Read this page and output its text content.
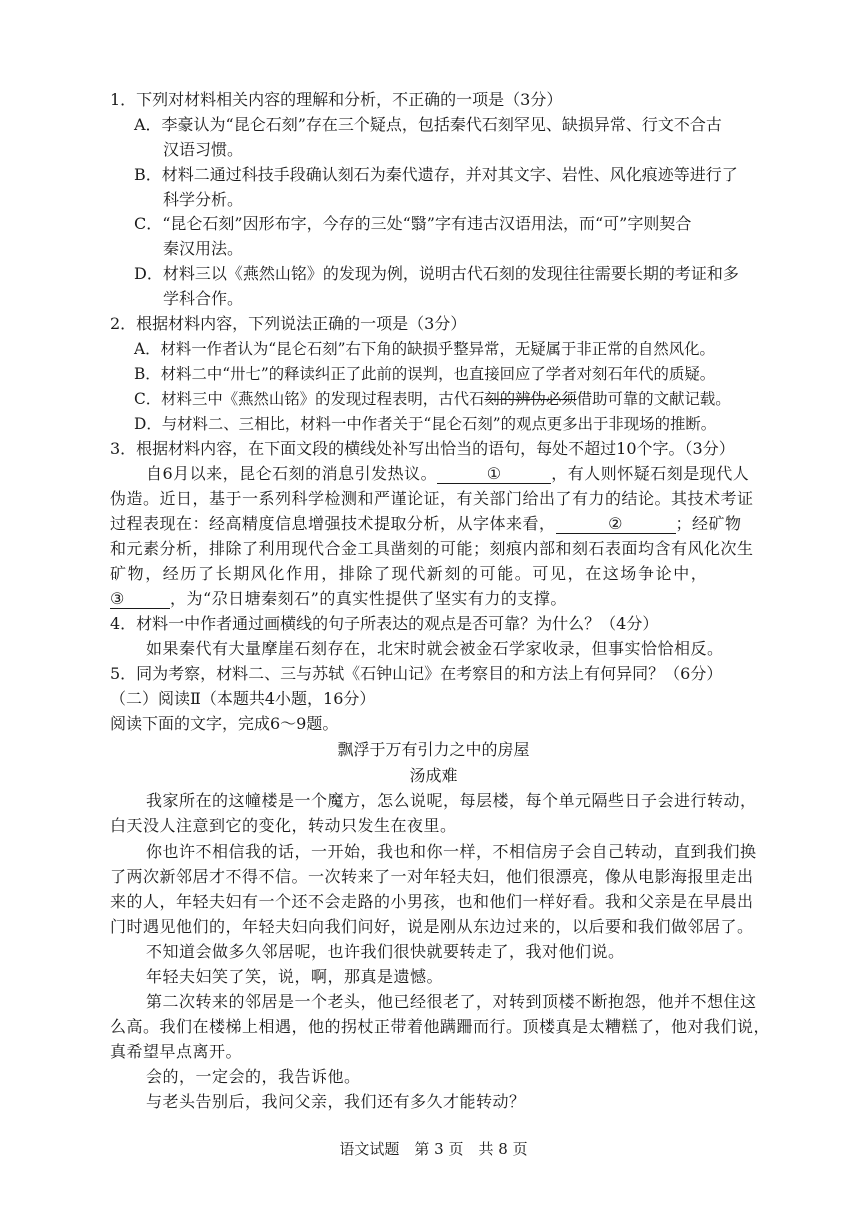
1．下列对材料相关内容的理解和分析，不正确的一项是（3分）
A．李豪认为“昆仑石刻”存在三个疑点，包括秦代石刻罕见、缺损异常、行文不合古
汉语习惯。
B．材料二通过科技手段确认刻石为秦代遗存，并对其文字、岩性、风化痕迹等进行了
科学分析。
C．“昆仑石刻”因形布字，今存的三处“翳”字有违古汉语用法，而“可”字则契合
秦汉用法。
D．材料三以《燕然山铭》的发现为例，说明古代石刻的发现往往需要长期的考证和多
学科合作。
2．根据材料内容，下列说法正确的一项是（3分）
A．材料一作者认为“昆仑石刻”右下角的缺损乎整异常，无疑属于非正常的自然风化。
B．材料二中“卅七”的释读纠正了此前的误判，也直接回应了学者对刻石年代的质疑。
C．材料三中《燕然山铭》的发现过程表明，古代石刻的辨伪必须借助可靠的文献记载。
D．与材料二、三相比，材料一中作者关于“昆仑石刻”的观点更多出于非现场的推断。
3．根据材料内容，在下面文段的横线处补写出恰当的语句，每处不超过10个字。（3分）
自6月以来，昆仑石刻的消息引发热议。	①	，有人则怀疑石刻是现代人
伪造。近日，基于一系列科学检测和严谨论证，有关部门给出了有力的结论。其技术考证
过程表现在：经高精度信息增强技术提取分析，从字体来看，	②	；经矿物
和元素分析，排除了利用现代合金工具凿刻的可能；刻痕内部和刻石表面均含有风化次生
矿物，经历了长期风化作用，排除了现代新刻的可能。可见，在这场争论中，
③	，为“尕日塘秦刻石”的真实性提供了坚实有力的支撑。
4．材料一中作者通过画横线的句子所表达的观点是否可靠？为什么？（4分）
如果秦代有大量摩崖石刻存在，北宋时就会被金石学家收录，但事实恰恰相反。
5．同为考察，材料二、三与苏轼《石钟山记》在考察目的和方法上有何异同？（6分）
（二）阅读Ⅱ（本题共4小题，16分）
阅读下面的文字，完成6～9题。
飘浮于万有引力之中的房屋
汤成难
我家所在的这幢楼是一个魔方，怎么说呢，每层楼，每个单元隔些日子会进行转动，
白天没人注意到它的变化，转动只发生在夜里。
你也许不相信我的话，一开始，我也和你一样，不相信房子会自己转动，直到我们换
了两次新邻居才不得不信。一次转来了一对年轻夫妇，他们很漂亮，像从电影海报里走出
来的人，年轻夫妇有一个还不会走路的小男孩，也和他们一样好看。我和父亲是在早晨出
门时遇见他们的，年轻夫妇向我们问好，说是刚从东边过来的，以后要和我们做邻居了。
不知道会做多久邻居呢，也许我们很快就要转走了，我对他们说。
年轻夫妇笑了笑，说，啊，那真是遗憾。
第二次转来的邻居是一个老头，他已经很老了，对转到顶楼不断抱怨，他并不想住这
么高。我们在楼梯上相遇，他的拐杖正带着他蹒跚而行。顶楼真是太糟糕了，他对我们说，
真希望早点离开。
会的，一定会的，我告诉他。
与老头告别后，我问父亲，我们还有多久才能转动？
语文试题　第 3 页　共 8 页
